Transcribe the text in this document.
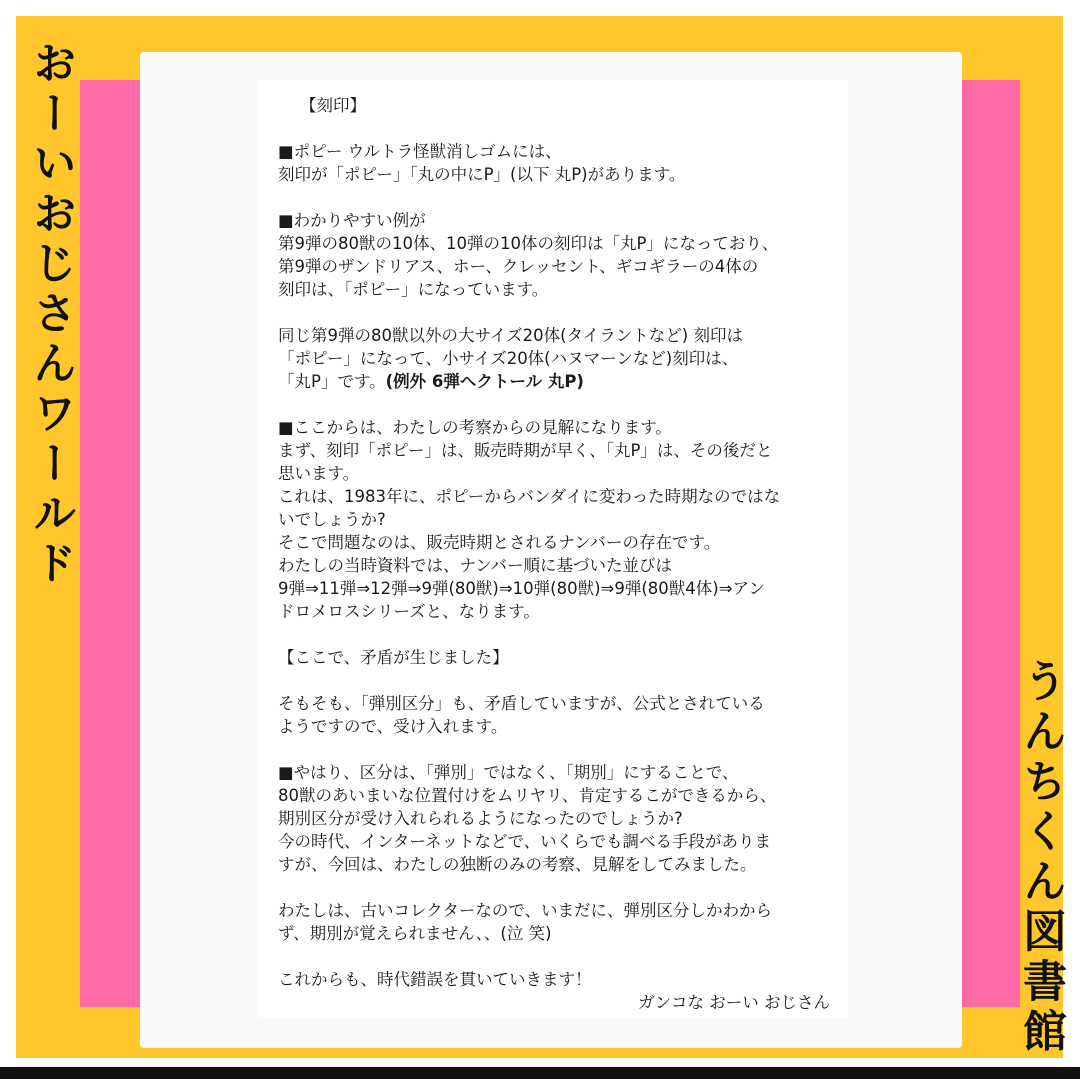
おーいおじさんワールド
うんちくん図書館

【刻印】

■ポピー ウルトラ怪獣消しゴムには、
刻印が「ポピー」「丸の中にP」(以下 丸P)があります。

■わかりやすい例が
第9弾の80獣の10体、10弾の10体の刻印は「丸P」になっており、
第9弾のザンドリアス、ホー、クレッセント、ギコギラーの4体の
刻印は、「ポピー」になっています。

同じ第9弾の80獣以外の大サイズ20体(タイラントなど) 刻印は
「ポピー」になって、小サイズ20体(ハヌマーンなど)刻印は、
「丸P」です。(例外 6弾ヘクトール 丸P)

■ここからは、わたしの考察からの見解になります。
まず、刻印「ポピー」は、販売時期が早く、「丸P」は、その後だと
思います。
これは、1983年に、ポピーからバンダイに変わった時期なのではな
いでしょうか?
そこで問題なのは、販売時期とされるナンバーの存在です。
わたしの当時資料では、ナンバー順に基づいた並びは
9弾⇒11弾⇒12弾⇒9弾(80獣)⇒10弾(80獣)⇒9弾(80獣4体)⇒アン
ドロメロスシリーズと、なります。

【ここで、矛盾が生じました】

そもそも、「弾別区分」も、矛盾していますが、公式とされている
ようですので、受け入れます。

■やはり、区分は、「弾別」ではなく、「期別」にすることで、
80獣のあいまいな位置付けをムリヤリ、肯定するこができるから、
期別区分が受け入れられるようになったのでしょうか?
今の時代、インターネットなどで、いくらでも調べる手段がありま
すが、今回は、わたしの独断のみの考察、見解をしてみました。

わたしは、古いコレクターなので、いまだに、弾別区分しかわから
ず、期別が覚えられません、、(泣 笑)

これからも、時代錯誤を貫いていきます！

ガンコな おーい おじさん
